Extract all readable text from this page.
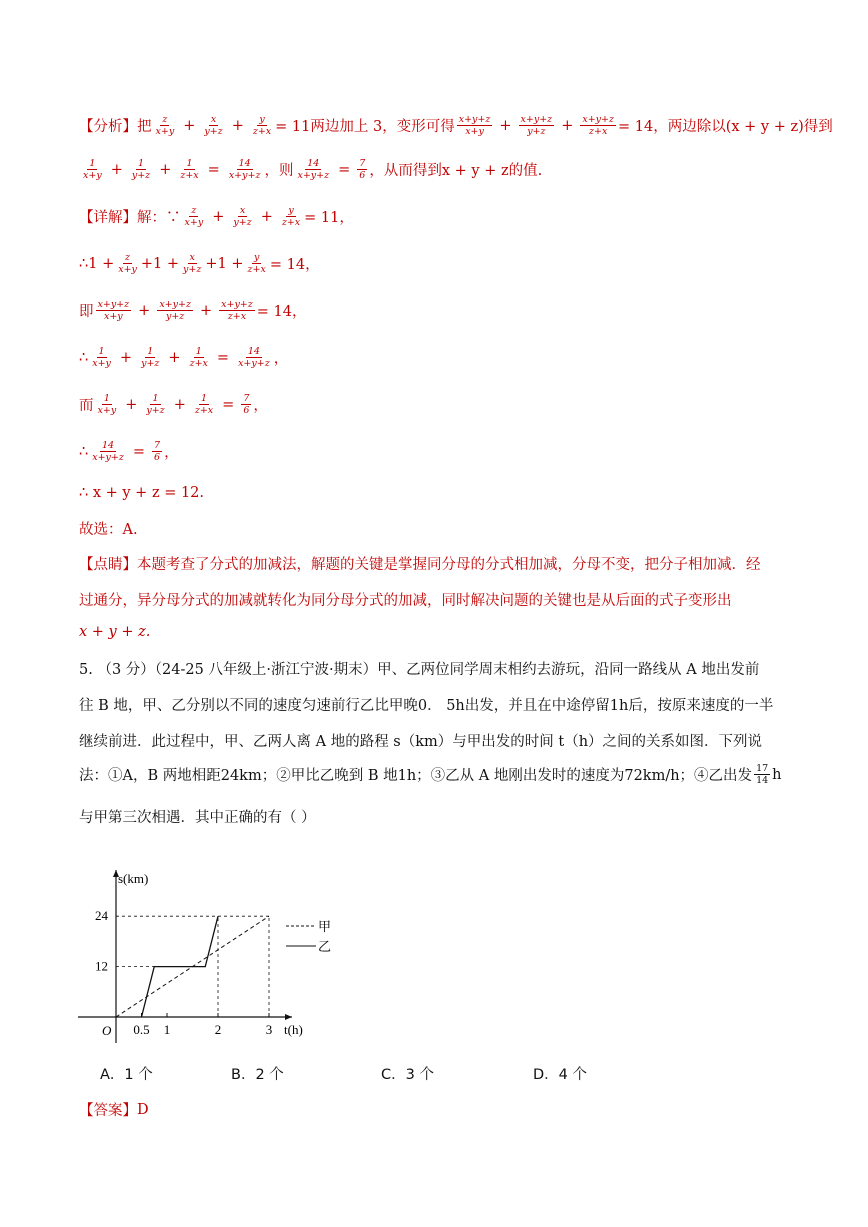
【分析】 把 $\frac{z}{x+y} + \frac{x}{y+z} + \frac{y}{z+x} = 11$两边加上 3，变形可得 $\frac{x+y+z}{x+y} + \frac{x+y+z}{y+z} + \frac{x+y+z}{z+x} = 14$，两边除以(x + y + z)得到
$\frac{1}{x+y} + \frac{1}{y+z} + \frac{1}{z+x} = \frac{14}{x+y+z}$ ，则 $\frac{14}{x+y+z} = \frac{7}{6}$ ，从而得到x + y + z的值.
【详解】 解：∵ $\frac{z}{x+y} + \frac{x}{y+z} + \frac{y}{z+x} = 11$，
∴ $1 + \frac{z}{x+y} +1 + \frac{x}{y+z} +1 + \frac{y}{z+x} = 14$，
即 $\frac{x+y+z}{x+y} + \frac{x+y+z}{y+z} + \frac{x+y+z}{z+x} = 14$，
∴ $\frac{1}{x+y} + \frac{1}{y+z} + \frac{1}{z+x} = \frac{14}{x+y+z}$ ，
而 $\frac{1}{x+y} + \frac{1}{y+z} + \frac{1}{z+x} = \frac{7}{6}$ ，
∴ $\frac{14}{x+y+z} = \frac{7}{6}$ ，
∴ x + y + z = 12.
故选：A.
【点睛】 本题考查了分式的加减法，解题的关键是掌握同分母的分式相加减，分母不变，把分子相加减．经
过通分，异分母分式的加减就转化为同分母分式的加减，同时解决问题的关键也是从后面的式子变形出
x + y + z.
5. （3 分）（24-25 八年级上·浙江宁波·期末）甲、乙两位同学周末相约去游玩，沿同一路线从 A 地出发前
往 B 地，甲、乙分别以不同的速度匀速前行乙比甲晚0． 5h出发，并且在中途停留1h后，按原来速度的一半
继续前进．此过程中，甲、乙两人离 A 地的路程 s（km）与甲出发的时间 t（h）之间的关系如图．下列说
法：①A，B 两地相距24km；②甲比乙晚到 B 地1h；③乙从 A 地刚出发时的速度为72km/h；④乙出发 $\frac{17}{14}$ h
与甲第三次相遇．其中正确的有（ ）
s(km)
t(h)
O
12
24
0.5 1	2	3
甲
乙
A．1 个	B．2 个	C．3 个	D．4 个
【答案】 D
